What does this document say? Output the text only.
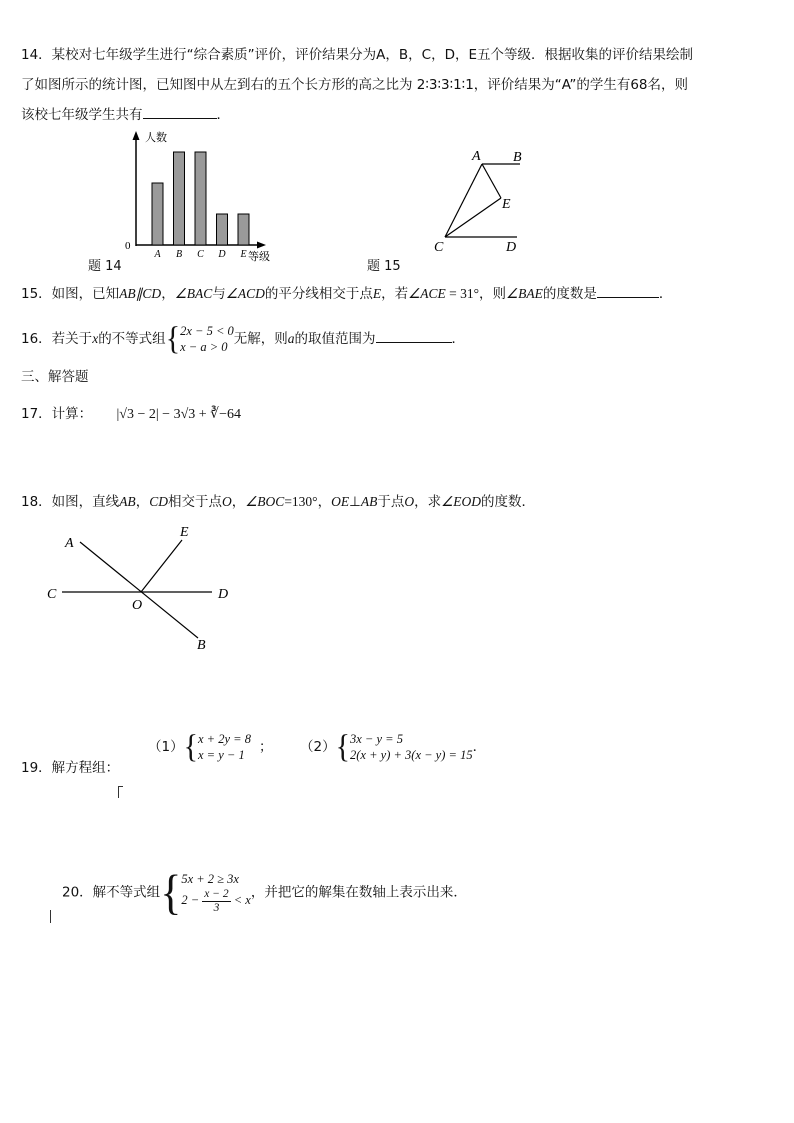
14．某校对七年级学生进行“综合素质”评价，评价结果分为A，B，C，D，E五个等级．根据收集的评价结果绘制
了如图所示的统计图，已知图中从左到右的五个长方形的高之比为 2∶3∶3∶1∶1，评价结果为“A”的学生有68名，则
该校七年级学生共有	．
人数
等级
0
A B C D E
题 14
A B
E
C	D
题 15
15．如图，已知AB∥CD，∠BAC与∠ACD的平分线相交于点E，若∠ACE = 31°，则∠BAE的度数是	．
16．若关于x的不等式组{2x − 5 < 0
x − a > 0 无解，则a的取值范围为	．
三、解答题
17．计算： |√3 − 2| − 3√3 + ∛−64
18．如图，直线AB，CD相交于点O，∠BOC=130°，OE⊥AB于点O，求∠EOD的度数．
A
E
C	D
O
B
19．解方程组：
（1）{x + 2y = 8
x = y − 1 ； （2）{3x − y = 5
2(x + y) + 3(x − y) = 15．
20．解不等式组{5x + 2 ≥ 3x
$2 - \frac{x - 2}{3} < x$，并把它的解集在数轴上表示出来．
